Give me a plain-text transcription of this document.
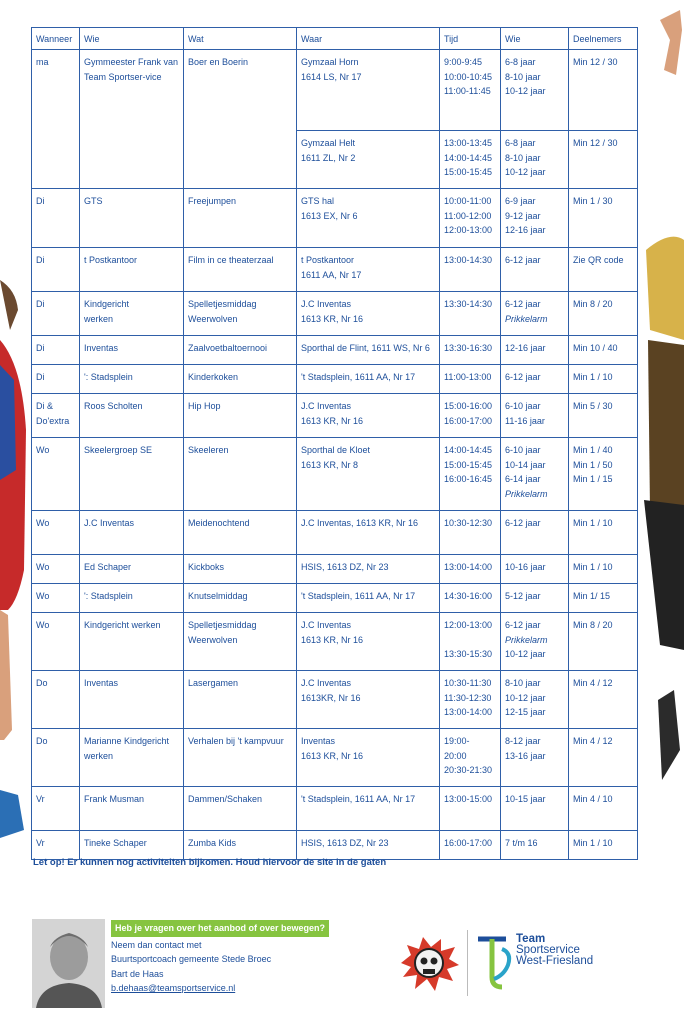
Wanneer	Wie	Wat	Waar	Tijd	Wie	Deelnemers

ma	Gymmeester Frank van Team Sportser-vice	Boer en Boerin	Gymzaal Horn
1614 LS, Nr 17	9:00-9:45
10:00-10:45
11:00-11:45	6-8 jaar
8-10 jaar
10-12 jaar	Min 12 / 30

			Gymzaal Helt
1611 ZL, Nr 2	13:00-13:45
14:00-14:45
15:00-15:45	6-8 jaar
8-10 jaar
10-12 jaar	Min 12 / 30

Di	GTS	Freejumpen	GTS hal
1613 EX, Nr 6	10:00-11:00
11:00-12:00
12:00-13:00	6-9 jaar
9-12 jaar
12-16 jaar	Min 1 / 30

Di	t Postkantoor	Film in ce theaterzaal	t Postkantoor
1611 AA, Nr 17	13:00-14:30	6-12 jaar	Zie QR code

Di	Kindgericht
werken	Spelletjesmiddag
Weerwolven	J.C Inventas
1613 KR, Nr 16	13:30-14:30	6-12 jaar
Prikkelarm	Min 8 / 20

Di	Inventas	Zaalvoetbaltoernooi	Sporthal de Flint, 1611 WS, Nr 6	13:30-16:30	12-16 jaar	Min 10 / 40

Di	': Stadsplein	Kinderkoken	't Stadsplein, 1611 AA, Nr 17	11:00-13:00	6-12 jaar	Min 1 / 10

Di &
Do'extra	Roos Scholten	Hip Hop	J.C Inventas
1613 KR, Nr 16	15:00-16:00
16:00-17:00	6-10 jaar
11-16 jaar	Min 5 / 30

Wo	Skeelergroep SE	Skeeleren	Sporthal de Kloet
1613 KR, Nr 8	14:00-14:45
15:00-15:45
16:00-16:45	6-10 jaar
10-14 jaar
6-14 jaar
Prikkelarm	Min 1 / 40
Min 1 / 50
Min 1 / 15

Wo	J.C Inventas	Meidenochtend	J.C Inventas, 1613 KR, Nr 16	10:30-12:30	6-12 jaar	Min 1 / 10

Wo	Ed Schaper	Kickboks	HSIS, 1613 DZ, Nr 23	13:00-14:00	10-16 jaar	Min 1 / 10

Wo	': Stadsplein	Knutselmiddag	't Stadsplein, 1611 AA, Nr 17	14:30-16:00	5-12 jaar	Min 1/ 15

Wo	Kindgericht werken	Spelletjesmiddag
Weerwolven	J.C Inventas
1613 KR, Nr 16	12:00-13:00
13:30-15:30	6-12 jaar
Prikkelarm
10-12 jaar	Min 8 / 20

Do	Inventas	Lasergamen	J.C Inventas
1613KR, Nr 16	10:30-11:30
11:30-12:30
13:00-14:00	8-10 jaar
10-12 jaar
12-15 jaar	Min 4 / 12

Do	Marianne Kindgericht werken	Verhalen bij 't kampvuur	Inventas
1613 KR, Nr 16	19:00-
20:00
20:30-21:30	8-12 jaar
13-16 jaar	Min 4 / 12

Vr	Frank Musman	Dammen/Schaken	't Stadsplein, 1611 AA, Nr 17	13:00-15:00	10-15 jaar	Min 4 / 10

Vr	Tineke Schaper	Zumba Kids	HSIS, 1613 DZ, Nr 23	16:00-17:00	7 t/m 16	Min 1 / 10
Let op! Er kunnen nog activiteiten bijkomen. Houd hiervoor de site in de gaten
Heb je vragen over het aanbod of over bewegen?
Neem dan contact met
Buurtsportcoach gemeente Stede Broec
Bart de Haas
b.dehaas@teamsportservice.nl
Team
Sportservice
West-Friesland
